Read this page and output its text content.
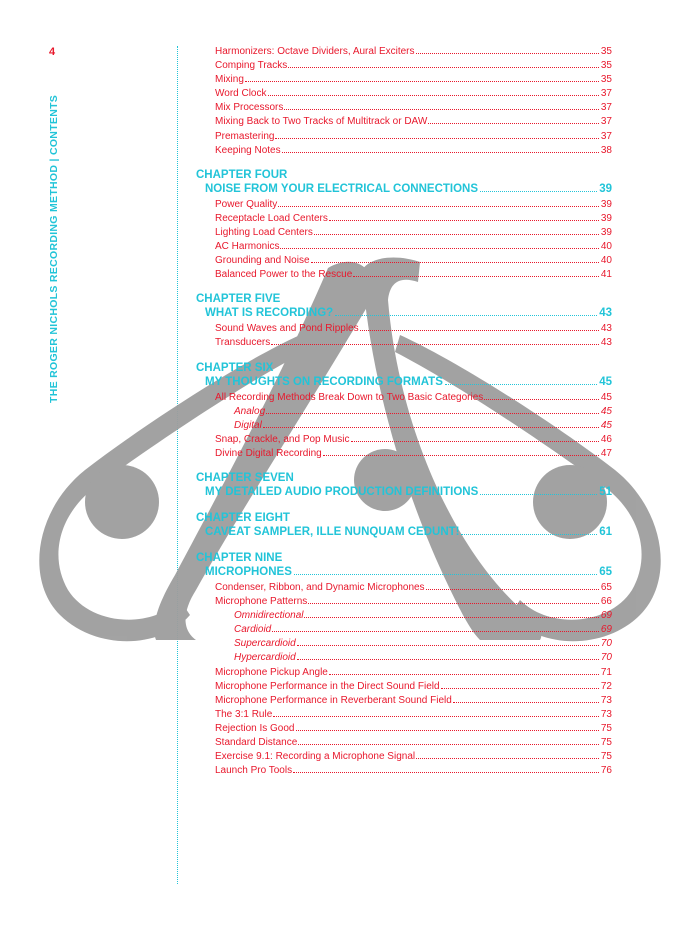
4
THE ROGER NICHOLS RECORDING METHOD | CONTENTS
Harmonizers: Octave Dividers, Aural Exciters	35
Comping Tracks	35
Mixing	35
Word Clock	37
Mix Processors	37
Mixing Back to Two Tracks of Multitrack or DAW	37
Premastering	37
Keeping Notes	38
CHAPTER FOUR
NOISE FROM YOUR ELECTRICAL CONNECTIONS	39
Power Quality	39
Receptacle Load Centers	39
Lighting Load Centers	39
AC Harmonics	40
Grounding and Noise	40
Balanced Power to the Rescue	41
CHAPTER FIVE
WHAT IS RECORDING?	43
Sound Waves and Pond Ripples	43
Transducers	43
CHAPTER SIX
MY THOUGHTS ON RECORDING FORMATS	45
All Recording Methods Break Down to Two Basic Categories	45
Analog	45
Digital	45
Snap, Crackle, and Pop Music	46
Divine Digital Recording	47
CHAPTER SEVEN
MY DETAILED AUDIO PRODUCTION DEFINITIONS	51
CHAPTER EIGHT
CAVEAT SAMPLER, ILLE NUNQUAM CEDUNT!	61
CHAPTER NINE
MICROPHONES	65
Condenser, Ribbon, and Dynamic Microphones	65
Microphone Patterns	66
Omnidirectional	69
Cardioid	69
Supercardioid	70
Hypercardioid	70
Microphone Pickup Angle	71
Microphone Performance in the Direct Sound Field	72
Microphone Performance in Reverberant Sound Field	73
The 3:1 Rule	73
Rejection Is Good	75
Standard Distance	75
Exercise 9.1: Recording a Microphone Signal	75
Launch Pro Tools	76
